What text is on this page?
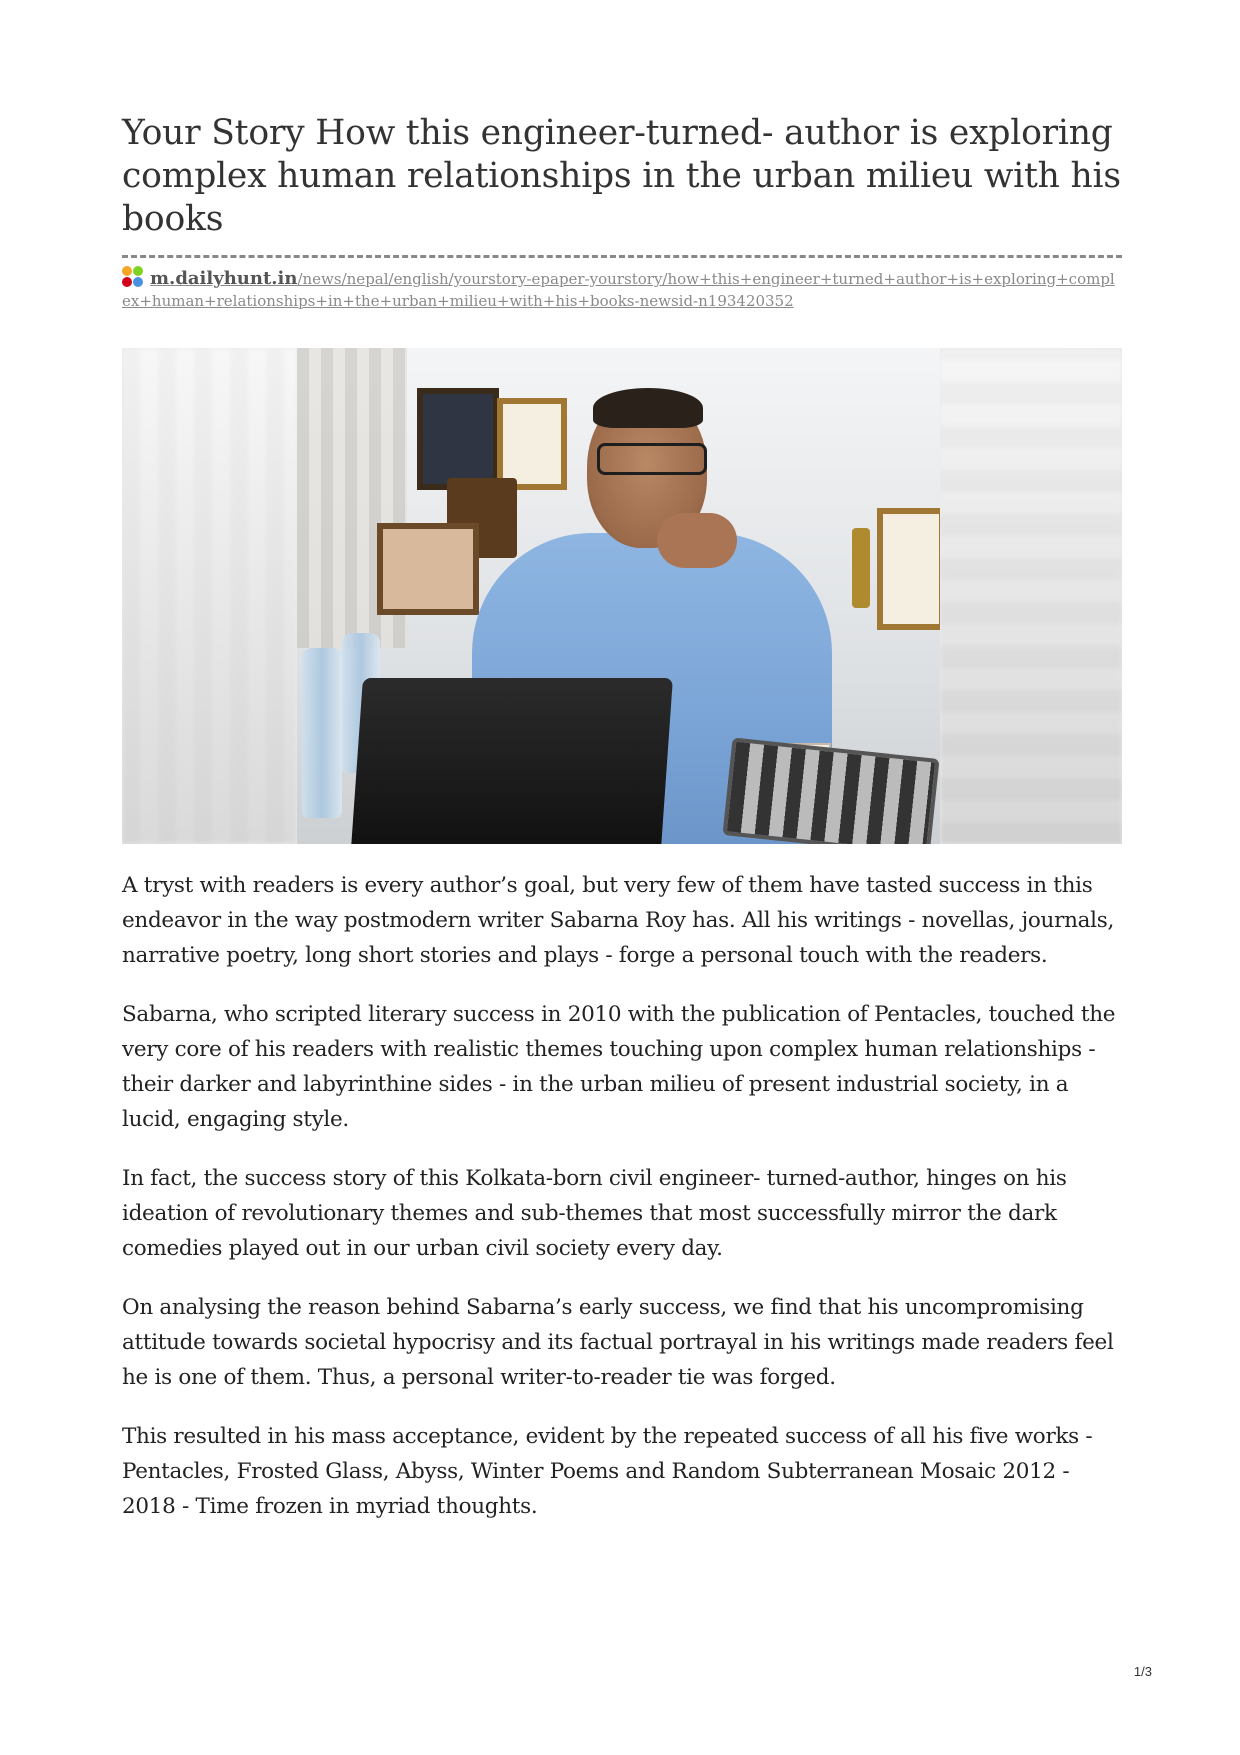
Your Story How this engineer-turned- author is exploring complex human relationships in the urban milieu with his books
m.dailyhunt.in/news/nepal/english/yourstory-epaper-yourstory/how+this+engineer+turned+author+is+exploring+complex+human+relationships+in+the+urban+milieu+with+his+books-newsid-n193420352

A tryst with readers is every author’s goal, but very few of them have tasted success in this endeavor in the way postmodern writer Sabarna Roy has. All his writings - novellas, journals, narrative poetry, long short stories and plays - forge a personal touch with the readers.

Sabarna, who scripted literary success in 2010 with the publication of Pentacles, touched the very core of his readers with realistic themes touching upon complex human relationships - their darker and labyrinthine sides - in the urban milieu of present industrial society, in a lucid, engaging style.

In fact, the success story of this Kolkata-born civil engineer- turned-author, hinges on his ideation of revolutionary themes and sub-themes that most successfully mirror the dark comedies played out in our urban civil society every day.

On analysing the reason behind Sabarna’s early success, we find that his uncompromising attitude towards societal hypocrisy and its factual portrayal in his writings made readers feel he is one of them. Thus, a personal writer-to-reader tie was forged.

This resulted in his mass acceptance, evident by the repeated success of all his five works - Pentacles, Frosted Glass, Abyss, Winter Poems and Random Subterranean Mosaic 2012 - 2018 - Time frozen in myriad thoughts.

1/3
